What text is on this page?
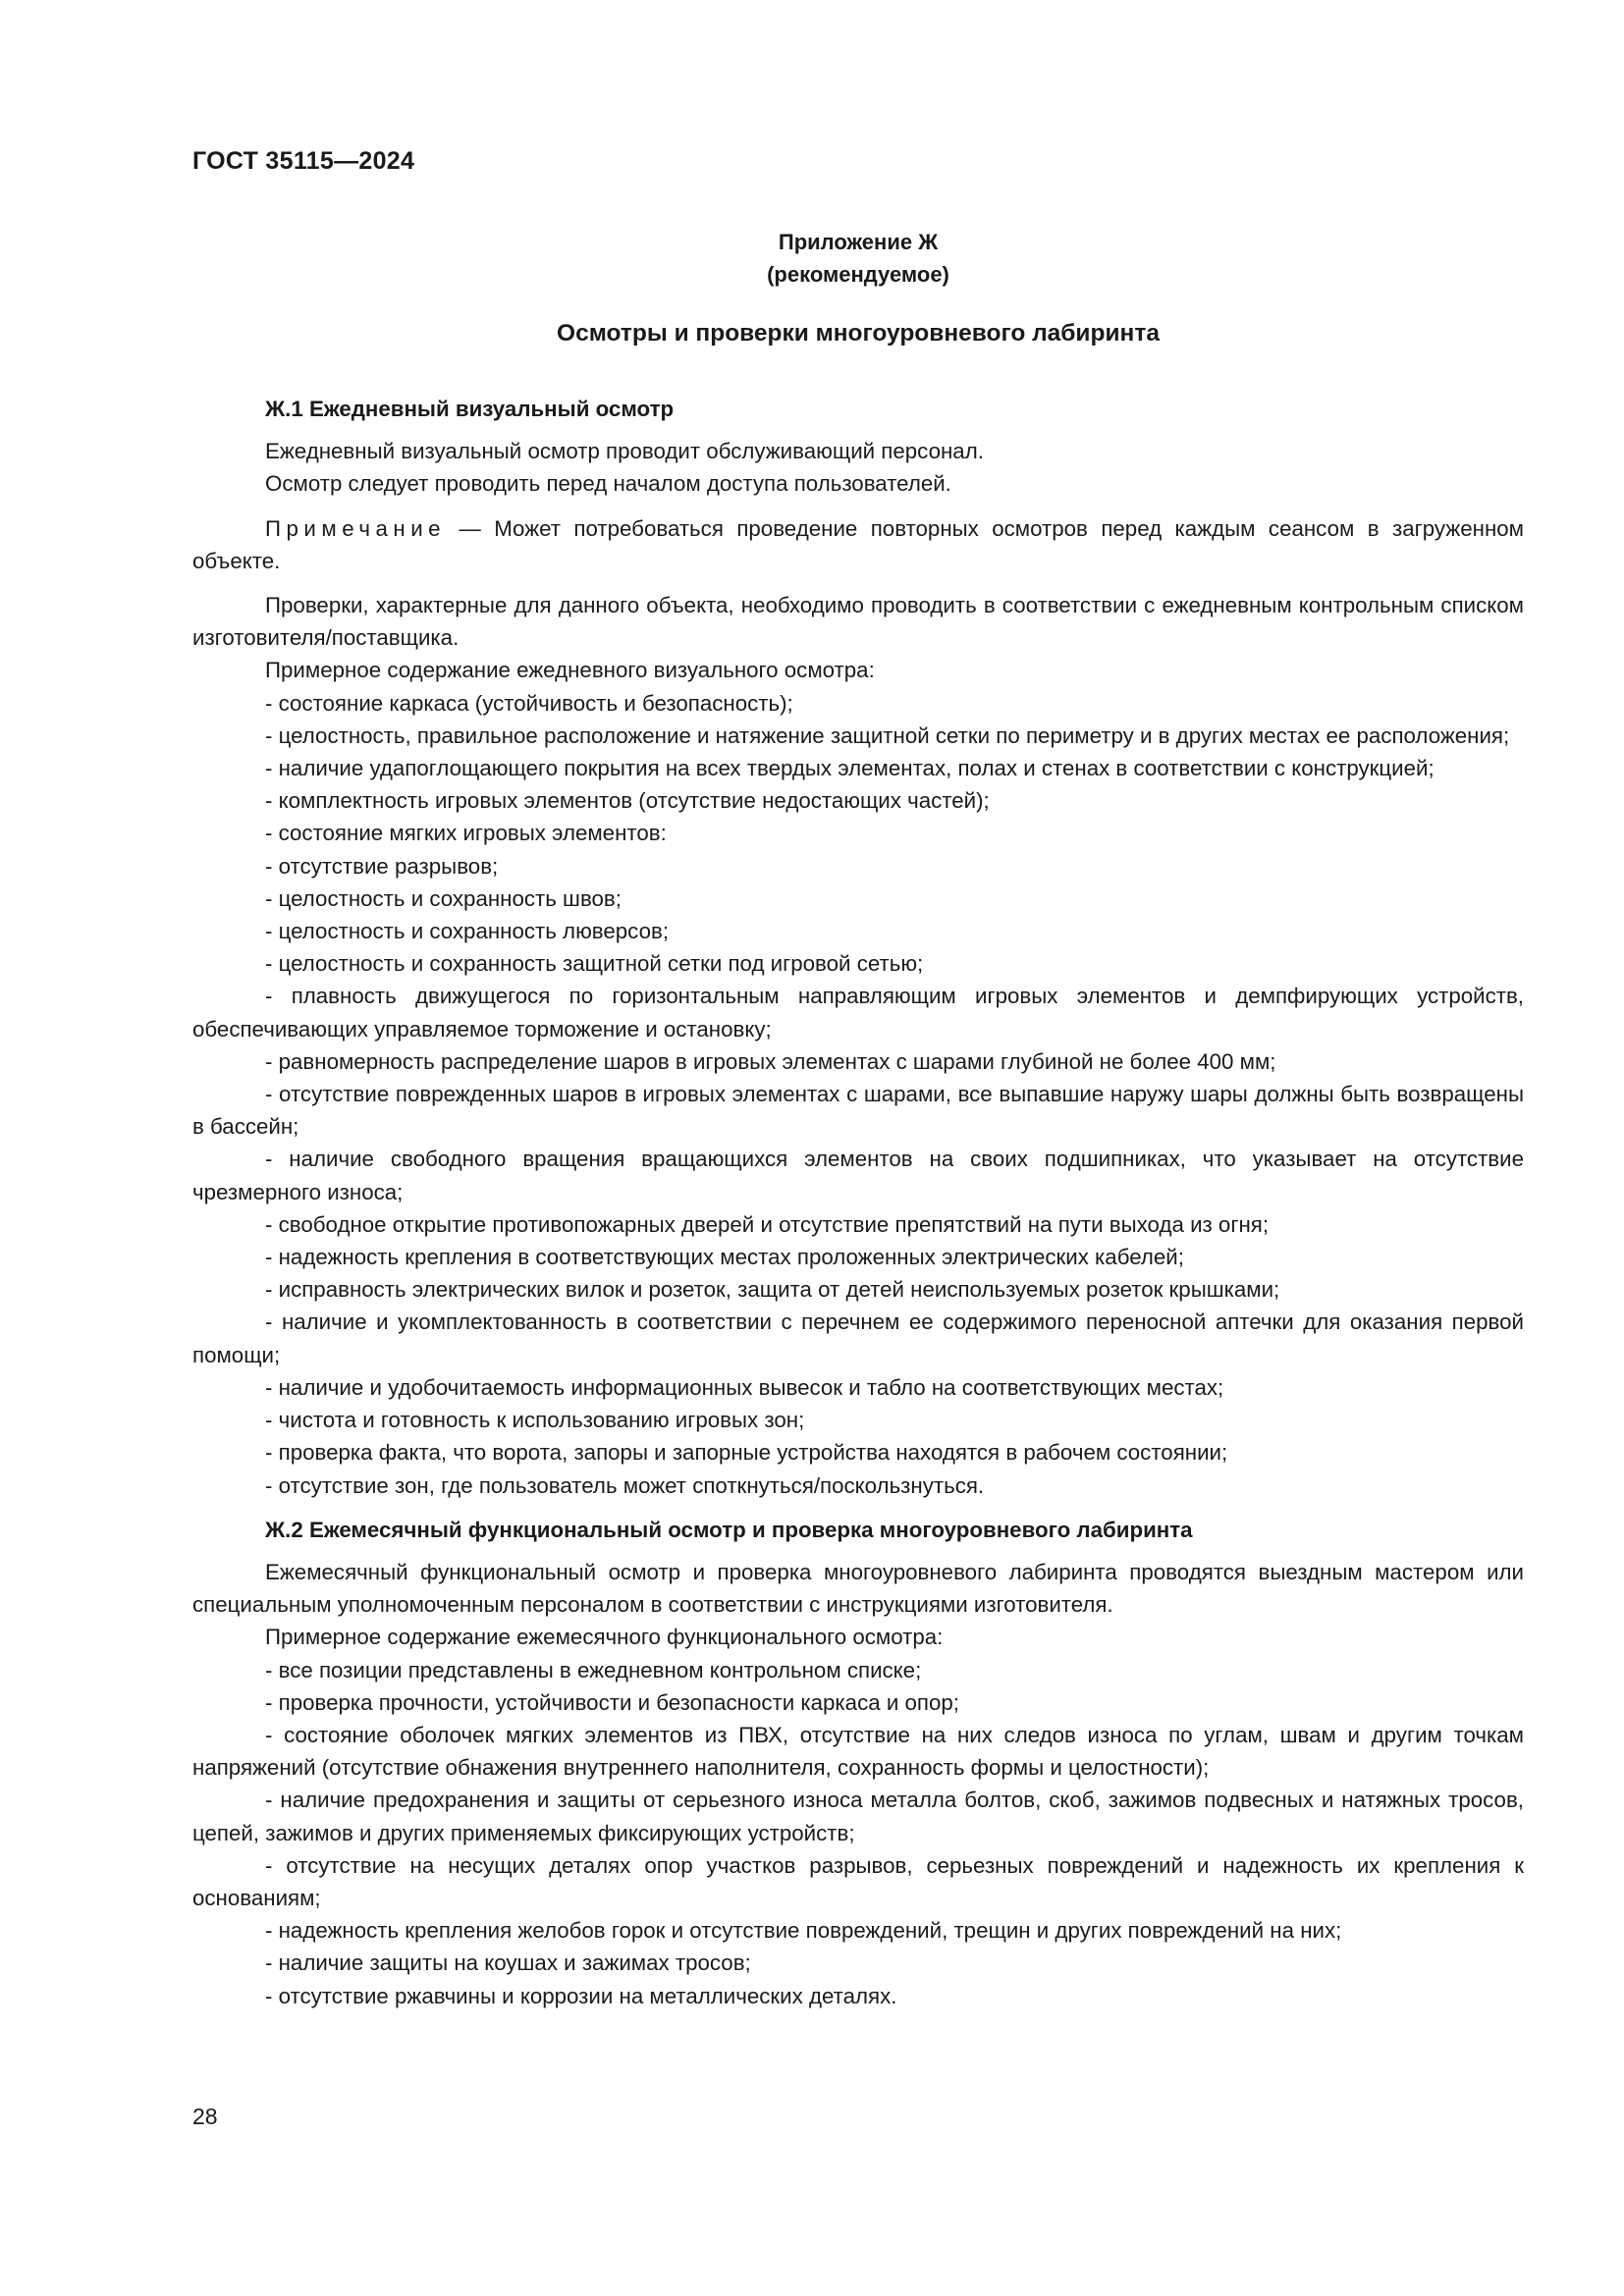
ГОСТ 35115—2024
Приложение Ж
(рекомендуемое)
Осмотры и проверки многоуровневого лабиринта
Ж.1 Ежедневный визуальный осмотр

Ежедневный визуальный осмотр проводит обслуживающий персонал.

Осмотр следует проводить перед началом доступа пользователей.

Примечание — Может потребоваться проведение повторных осмотров перед каждым сеансом в загруженном объекте.

Проверки, характерные для данного объекта, необходимо проводить в соответствии с ежедневным контрольным списком изготовителя/поставщика.

Примерное содержание ежедневного визуального осмотра:

- состояние каркаса (устойчивость и безопасность);

- целостность, правильное расположение и натяжение защитной сетки по периметру и в других местах ее расположения;

- наличие удапоглощающего покрытия на всех твердых элементах, полах и стенах в соответствии с конструкцией;

- комплектность игровых элементов (отсутствие недостающих частей);

- состояние мягких игровых элементов:

- отсутствие разрывов;

- целостность и сохранность швов;

- целостность и сохранность люверсов;

- целостность и сохранность защитной сетки под игровой сетью;

- плавность движущегося по горизонтальным направляющим игровых элементов и демпфирующих устройств, обеспечивающих управляемое торможение и остановку;

- равномерность распределение шаров в игровых элементах с шарами глубиной не более 400 мм;

- отсутствие поврежденных шаров в игровых элементах с шарами, все выпавшие наружу шары должны быть возвращены в бассейн;

- наличие свободного вращения вращающихся элементов на своих подшипниках, что указывает на отсутствие чрезмерного износа;

- свободное открытие противопожарных дверей и отсутствие препятствий на пути выхода из огня;

- надежность крепления в соответствующих местах проложенных электрических кабелей;

- исправность электрических вилок и розеток, защита от детей неиспользуемых розеток крышками;

- наличие и укомплектованность в соответствии с перечнем ее содержимого переносной аптечки для оказания первой помощи;

- наличие и удобочитаемость информационных вывесок и табло на соответствующих местах;

- чистота и готовность к использованию игровых зон;

- проверка факта, что ворота, запоры и запорные устройства находятся в рабочем состоянии;

- отсутствие зон, где пользователь может споткнуться/поскользнуться.

Ж.2 Ежемесячный функциональный осмотр и проверка многоуровневого лабиринта

Ежемесячный функциональный осмотр и проверка многоуровневого лабиринта проводятся выездным мастером или специальным уполномоченным персоналом в соответствии с инструкциями изготовителя.

Примерное содержание ежемесячного функционального осмотра:

- все позиции представлены в ежедневном контрольном списке;

- проверка прочности, устойчивости и безопасности каркаса и опор;

- состояние оболочек мягких элементов из ПВХ, отсутствие на них следов износа по углам, швам и другим точкам напряжений (отсутствие обнажения внутреннего наполнителя, сохранность формы и целостности);

- наличие предохранения и защиты от серьезного износа металла болтов, скоб, зажимов подвесных и натяжных тросов, цепей, зажимов и других применяемых фиксирующих устройств;

- отсутствие на несущих деталях опор участков разрывов, серьезных повреждений и надежность их крепления к основаниям;

- надежность крепления желобов горок и отсутствие повреждений, трещин и других повреждений на них;

- наличие защиты на коушах и зажимах тросов;

- отсутствие ржавчины и коррозии на металлических деталях.

28
